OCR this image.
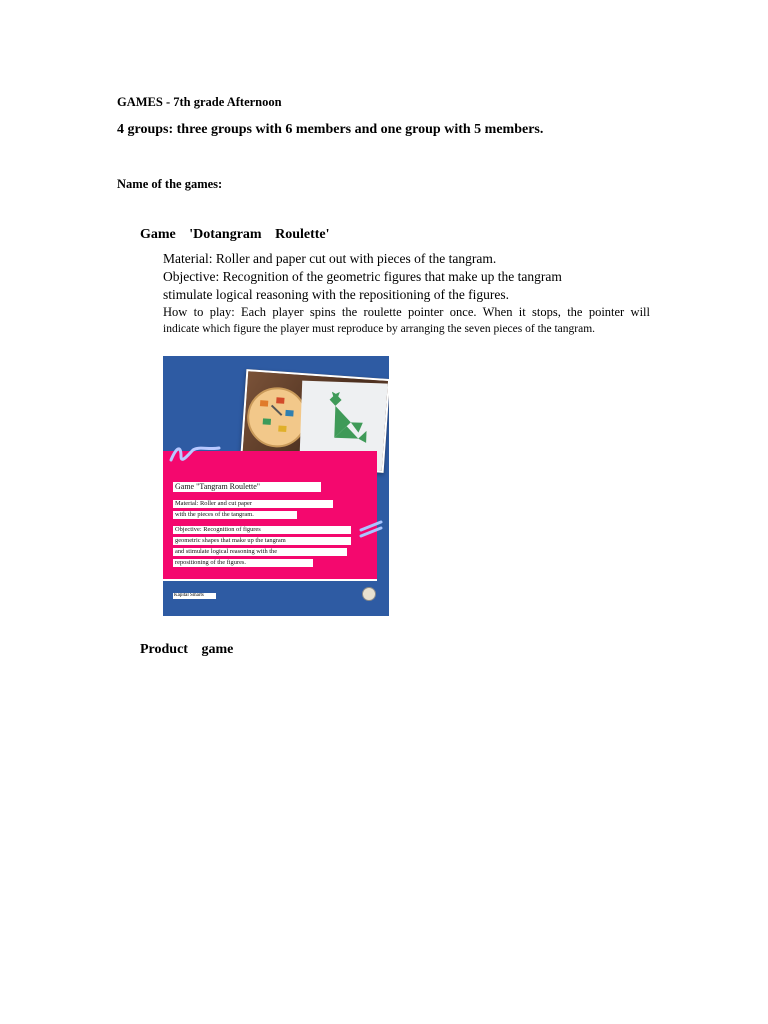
GAMES - 7th grade Afternoon
4 groups: three groups with 6 members and one group with 5 members.
Name of the games:
Game 'Dotangram Roulette'
Material: Roller and paper cut out with pieces of the tangram.
Objective: Recognition of the geometric figures that make up the tangram
stimulate logical reasoning with the repositioning of the figures.
How to play: Each player spins the roulette pointer once. When it stops, the pointer will
indicate which figure the player must reproduce by arranging the seven pieces of the tangram.
Game "Tangram Roulette"
Material: Roller and cut paper
with the pieces of the tangram.
Objective: Recognition of figures
geometric shapes that make up the tangram
and stimulate logical reasoning with the
repositioning of the figures.
Kapital Smarts
Product game
